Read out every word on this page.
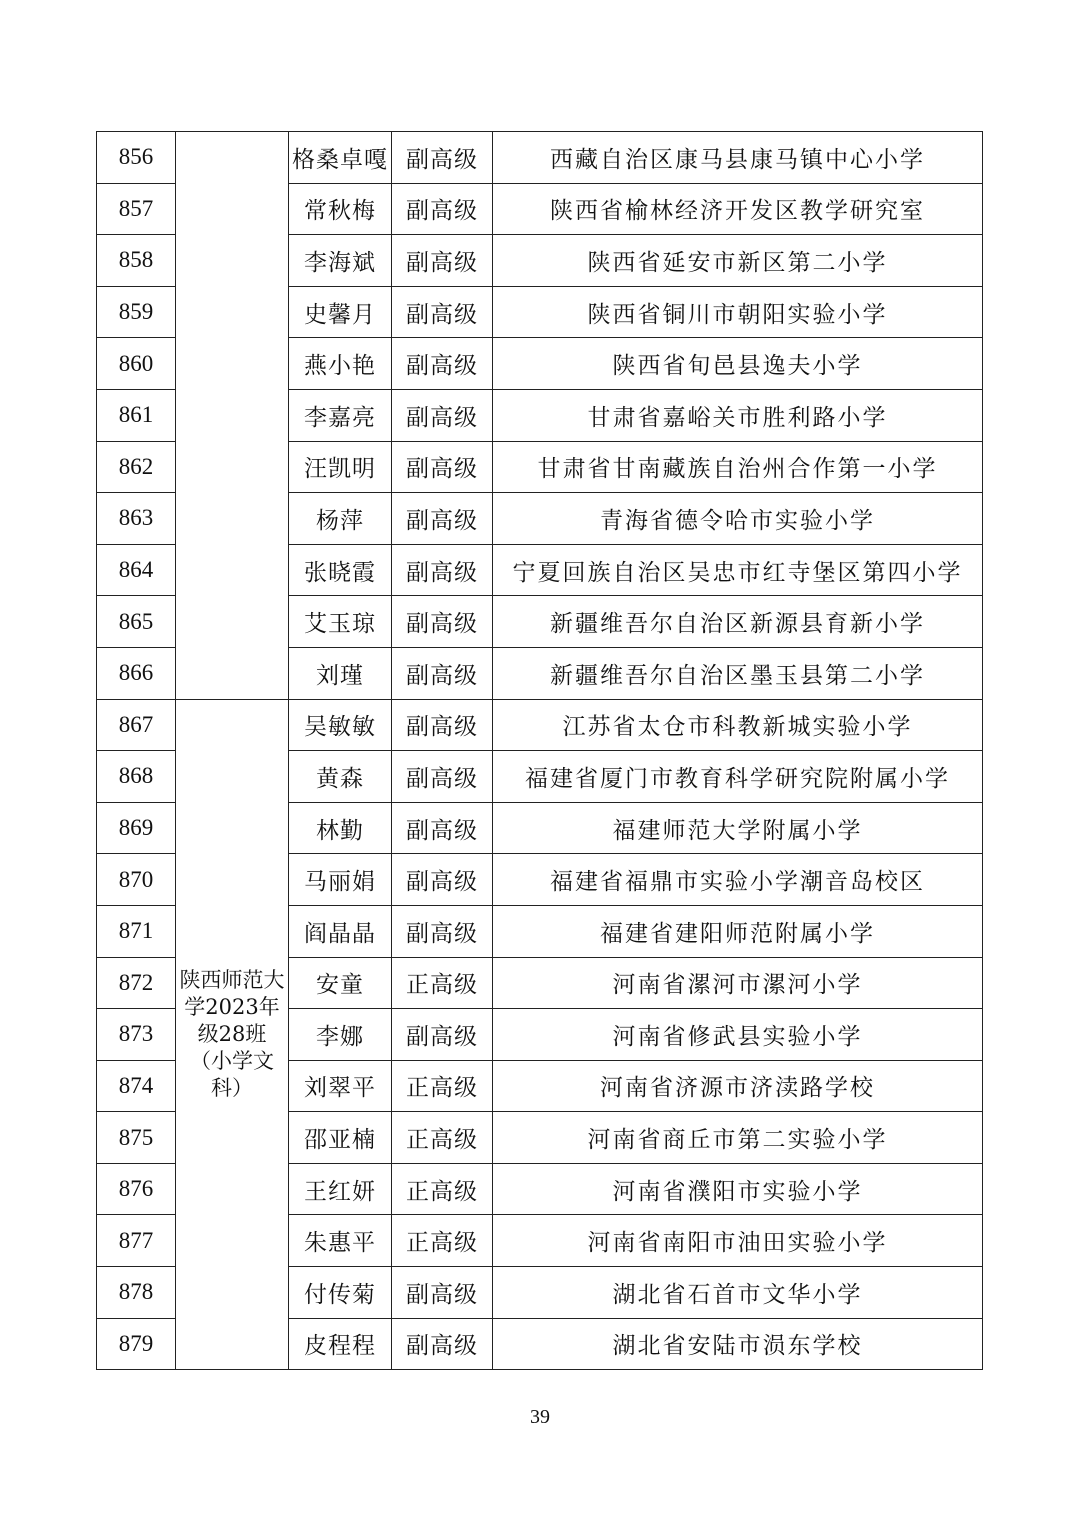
856		格桑卓嘎	副高级	西藏自治区康马县康马镇中心小学
857		常秋梅	副高级	陕西省榆林经济开发区教学研究室
858		李海斌	副高级	陕西省延安市新区第二小学
859		史馨月	副高级	陕西省铜川市朝阳实验小学
860		燕小艳	副高级	陕西省旬邑县逸夫小学
861		李嘉亮	副高级	甘肃省嘉峪关市胜利路小学
862		汪凯明	副高级	甘肃省甘南藏族自治州合作第一小学
863		杨萍	副高级	青海省德令哈市实验小学
864		张晓霞	副高级	宁夏回族自治区吴忠市红寺堡区第四小学
865		艾玉琼	副高级	新疆维吾尔自治区新源县育新小学
866		刘瑾	副高级	新疆维吾尔自治区墨玉县第二小学
867	陕西师范大学2023年级28班（小学文科）	吴敏敏	副高级	江苏省太仓市科教新城实验小学
868		黄森	副高级	福建省厦门市教育科学研究院附属小学
869		林勤	副高级	福建师范大学附属小学
870		马丽娟	副高级	福建省福鼎市实验小学潮音岛校区
871		阎晶晶	副高级	福建省建阳师范附属小学
872		安童	正高级	河南省漯河市漯河小学
873		李娜	副高级	河南省修武县实验小学
874		刘翠平	正高级	河南省济源市济渎路学校
875		邵亚楠	正高级	河南省商丘市第二实验小学
876		王红妍	正高级	河南省濮阳市实验小学
877		朱惠平	正高级	河南省南阳市油田实验小学
878		付传菊	副高级	湖北省石首市文华小学
879		皮程程	副高级	湖北省安陆市涢东学校
39
